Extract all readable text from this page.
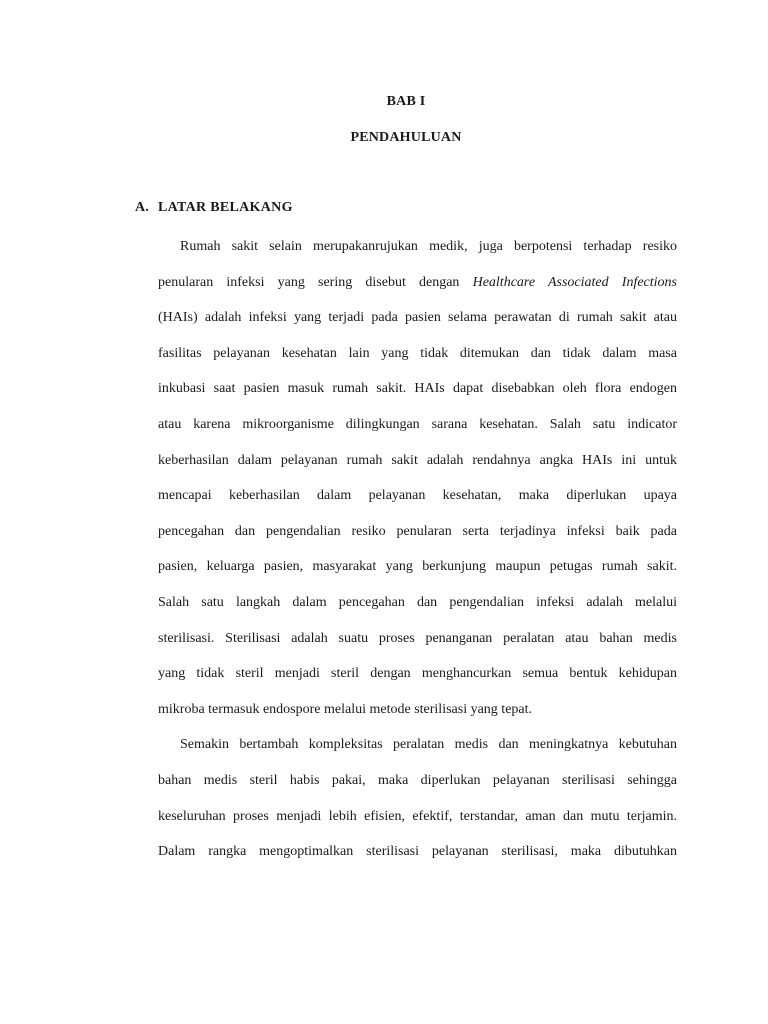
BAB I
PENDAHULUAN
A. LATAR BELAKANG
Rumah sakit selain merupakanrujukan medik, juga berpotensi terhadap resiko
penularan infeksi yang sering disebut dengan Healthcare Associated Infections
(HAIs) adalah infeksi yang terjadi pada pasien selama perawatan di rumah sakit atau
fasilitas pelayanan kesehatan lain yang tidak ditemukan dan tidak dalam masa
inkubasi saat pasien masuk rumah sakit. HAIs dapat disebabkan oleh flora endogen
atau karena mikroorganisme dilingkungan sarana kesehatan. Salah satu indicator
keberhasilan dalam pelayanan rumah sakit adalah rendahnya angka HAIs ini untuk
mencapai keberhasilan dalam pelayanan kesehatan, maka diperlukan upaya
pencegahan dan pengendalian resiko penularan serta terjadinya infeksi baik pada
pasien, keluarga pasien, masyarakat yang berkunjung maupun petugas rumah sakit.
Salah satu langkah dalam pencegahan dan pengendalian infeksi adalah melalui
sterilisasi. Sterilisasi adalah suatu proses penanganan peralatan atau bahan medis
yang tidak steril menjadi steril dengan menghancurkan semua bentuk kehidupan
mikroba termasuk endospore melalui metode sterilisasi yang tepat.
Semakin bertambah kompleksitas peralatan medis dan meningkatnya kebutuhan
bahan medis steril habis pakai, maka diperlukan pelayanan sterilisasi sehingga
keseluruhan proses menjadi lebih efisien, efektif, terstandar, aman dan mutu terjamin.
Dalam rangka mengoptimalkan sterilisasi pelayanan sterilisasi, maka dibutuhkan
